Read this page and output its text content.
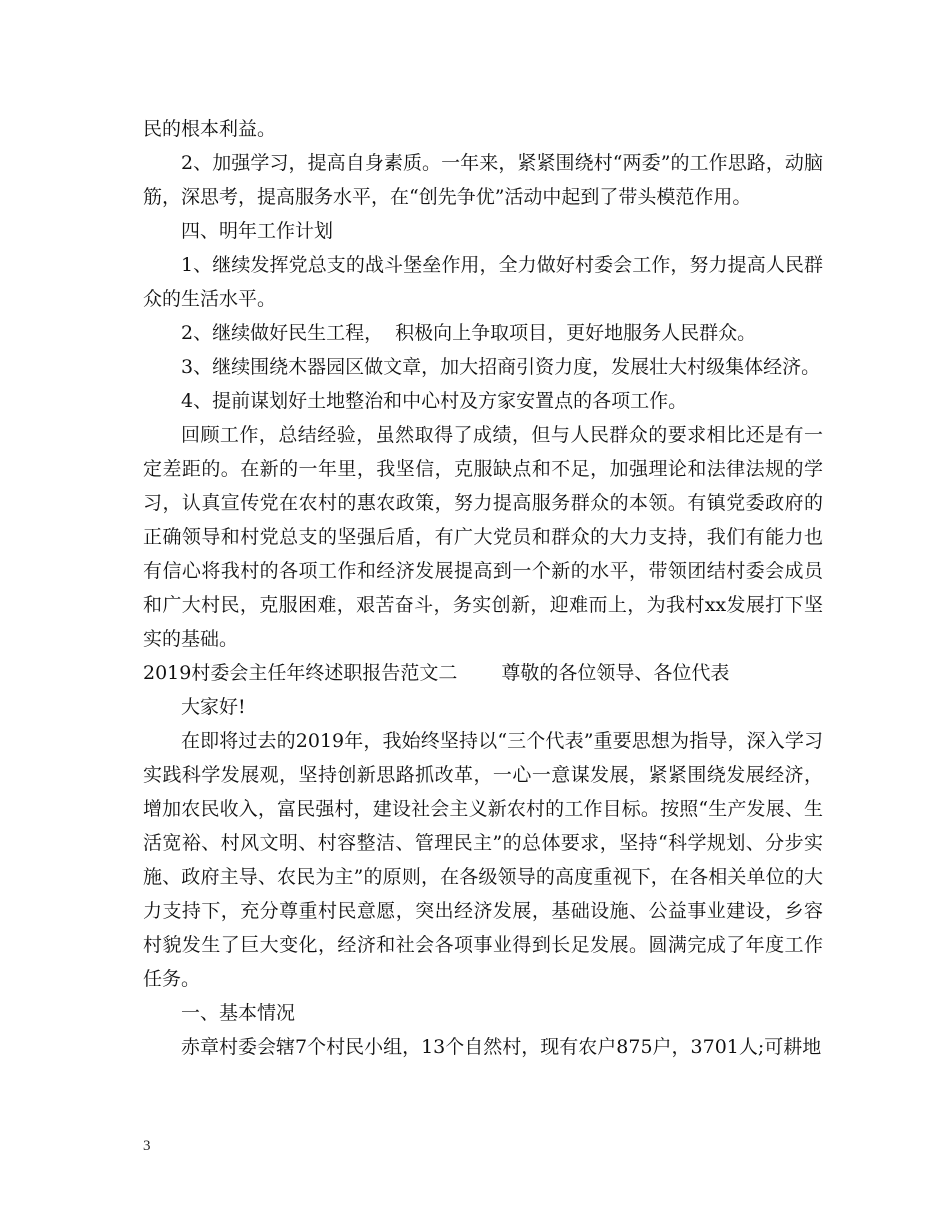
民的根本利益。

2、加强学习，提高自身素质。一年来，紧紧围绕村“两委”的工作思路，动脑筋，深思考，提高服务水平，在“创先争优”活动中起到了带头模范作用。

四、明年工作计划

1、继续发挥党总支的战斗堡垒作用，全力做好村委会工作，努力提高人民群众的生活水平。

2、继续做好民生工程，  积极向上争取项目，更好地服务人民群众。

3、继续围绕木器园区做文章，加大招商引资力度，发展壮大村级集体经济。

4、提前谋划好土地整治和中心村及方家安置点的各项工作。

回顾工作，总结经验，虽然取得了成绩，但与人民群众的要求相比还是有一定差距的。在新的一年里，我坚信，克服缺点和不足，加强理论和法律法规的学习，认真宣传党在农村的惠农政策，努力提高服务群众的本领。有镇党委政府的正确领导和村党总支的坚强后盾，有广大党员和群众的大力支持，我们有能力也有信心将我村的各项工作和经济发展提高到一个新的水平，带领团结村委会成员和广大村民，克服困难，艰苦奋斗，务实创新，迎难而上，为我村xx发展打下坚实的基础。

2019村委会主任年终述职报告范文二 尊敬的各位领导、各位代表

大家好!

在即将过去的2019年，我始终坚持以“三个代表”重要思想为指导，深入学习实践科学发展观，坚持创新思路抓改革，一心一意谋发展，紧紧围绕发展经济，增加农民收入，富民强村，建设社会主义新农村的工作目标。按照“生产发展、生活宽裕、村风文明、村容整洁、管理民主”的总体要求，坚持“科学规划、分步实施、政府主导、农民为主”的原则，在各级领导的高度重视下，在各相关单位的大力支持下，充分尊重村民意愿，突出经济发展，基础设施、公益事业建设，乡容村貌发生了巨大变化，经济和社会各项事业得到长足发展。圆满完成了年度工作任务。

一、基本情况

赤章村委会辖7个村民小组，13个自然村，现有农户875户，3701人;可耕地

3
